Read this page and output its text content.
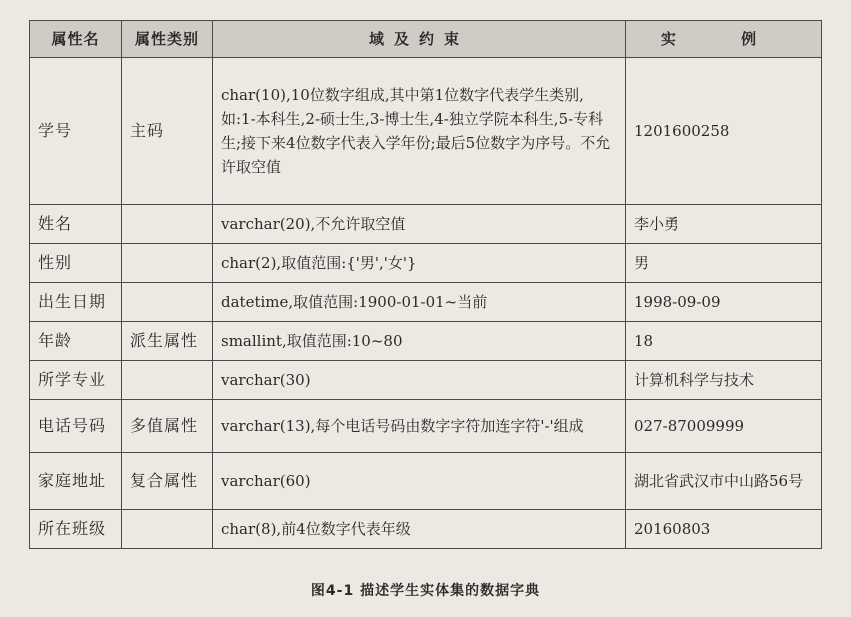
属性名	属性类别	域及约束	实 例
学号	主码	char(10),10位数字组成,其中第1位数字代表学生类别,如:1-本科生,2-硕士生,3-博士生,4-独立学院本科生,5-专科生;接下来4位数字代表入学年份;最后5位数字为序号。不允许取空值	1201600258
姓名		varchar(20),不允许取空值	李小勇
性别		char(2),取值范围:{'男','女'}	男
出生日期		datetime,取值范围:1900-01-01~当前	1998-09-09
年龄	派生属性	smallint,取值范围:10~80	18
所学专业		varchar(30)	计算机科学与技术
电话号码	多值属性	varchar(13),每个电话号码由数字字符加连字符'-'组成	027-87009999
家庭地址	复合属性	varchar(60)	湖北省武汉市中山路56号
所在班级		char(8),前4位数字代表年级	20160803
图4-1 描述学生实体集的数据字典
